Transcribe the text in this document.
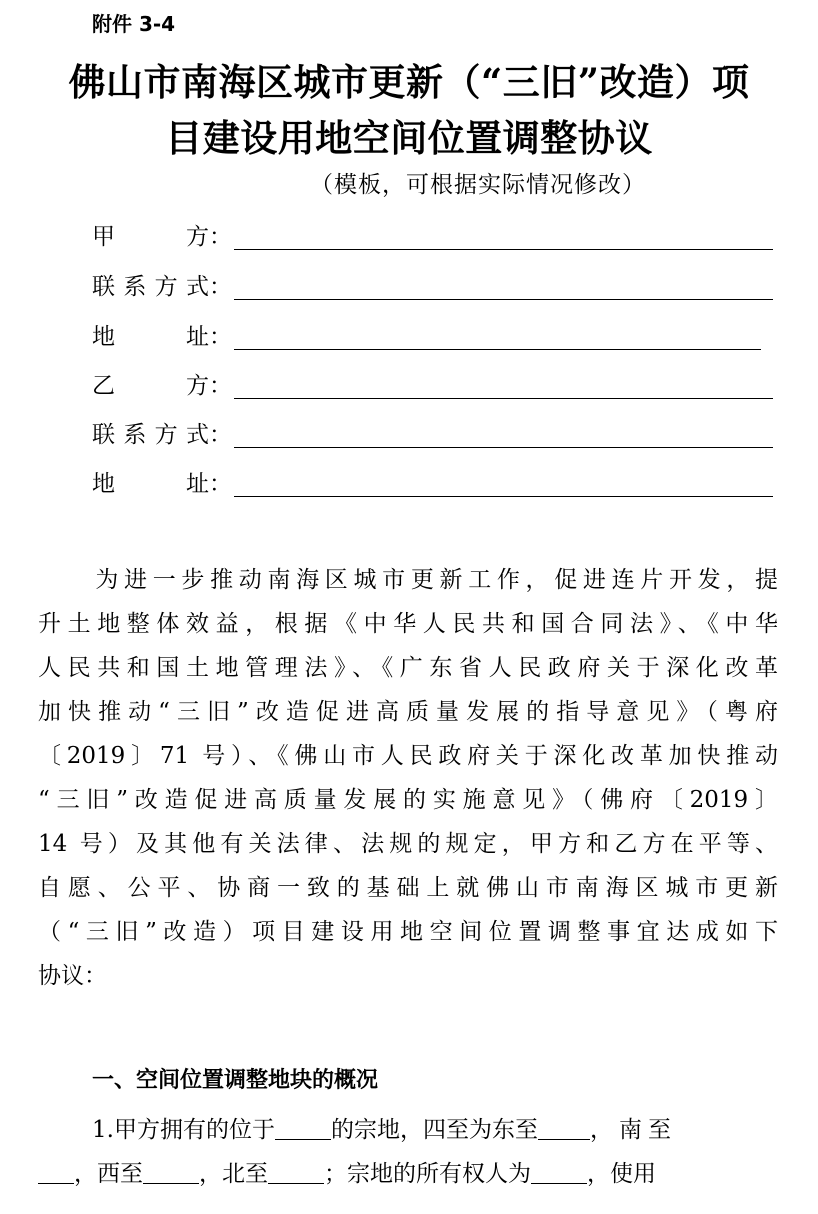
附件 3-4
佛山市南海区城市更新（“三旧”改造）项
目建设用地空间位置调整协议
（模板，可根据实际情况修改）
甲	方：
联 系 方 式：
地	址：
乙	方：
联 系 方 式：
地	址：
　　为进一步推动南海区城市更新工作，促进连片开发，提
升土地整体效益，根据《中华人民共和国合同法》、《中华
人民共和国土地管理法》、《广东省人民政府关于深化改革
加快推动“三旧”改造促进高质量发展的指导意见》（粤府
〔2019〕71 号）、《佛山市人民政府关于深化改革加快推动
“三旧”改造促进高质量发展的实施意见》（佛府〔2019〕
14 号）及其他有关法律、法规的规定，甲方和乙方在平等、
自愿、公平、协商一致的基础上就佛山市南海区城市更新
（“三旧”改造）项目建设用地空间位置调整事宜达成如下
协议：
一、空间位置调整地块的概况
1.甲方拥有的位于 的宗地，四至为东至 ，南至
，西至 ，北至 ；宗地的所有权人为 ，使用
